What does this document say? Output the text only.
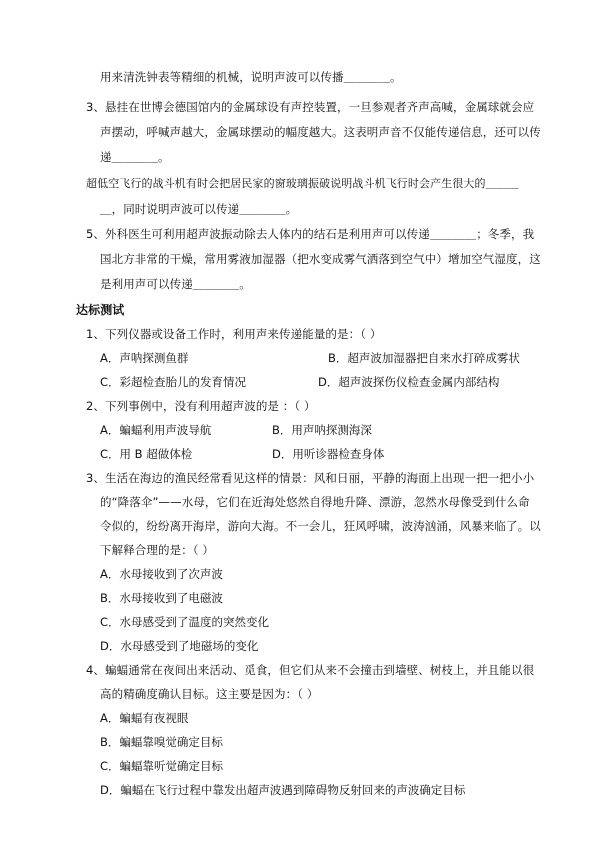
用来清洗钟表等精细的机械，说明声波可以传播＿＿＿＿。
3、悬挂在世博会德国馆内的金属球设有声控装置，一旦参观者齐声高喊，金属球就会应
声摆动，呼喊声越大，金属球摆动的幅度越大。这表明声音不仅能传递信息，还可以传
递＿＿＿＿。
超低空飞行的战斗机有时会把居民家的窗玻璃振破说明战斗机飞行时会产生很大的＿＿＿
＿，同时说明声波可以传递＿＿＿＿。
5、外科医生可利用超声波振动除去人体内的结石是利用声可以传递＿＿＿＿；冬季，我
国北方非常的干燥，常用雾液加湿器（把水变成雾气洒落到空气中）增加空气湿度，这
是利用声可以传递＿＿＿＿。
达标测试
1、下列仪器或设备工作时，利用声来传递能量的是：（ ）
A．声呐探测鱼群	B．超声波加湿器把自来水打碎成雾状
C．彩超检查胎儿的发育情况	D．超声波探伤仪检查金属内部结构
2、下列事例中，没有利用超声波的是 ：（ ）
A．蝙蝠利用声波导航	B．用声呐探测海深
C．用 B 超做体检	D．用听诊器检查身体
3、生活在海边的渔民经常看见这样的情景：风和日丽，平静的海面上出现一把一把小小
的“降落伞”——水母，它们在近海处悠然自得地升降、漂游，忽然水母像受到什么命
令似的，纷纷离开海岸，游向大海。不一会儿，狂风呼啸，波涛汹涌，风暴来临了。以
下解释合理的是：（ ）
A．水母接收到了次声波
B．水母接收到了电磁波
C．水母感受到了温度的突然变化
D．水母感受到了地磁场的变化
4、蝙蝠通常在夜间出来活动、觅食，但它们从来不会撞击到墙壁、树枝上，并且能以很
高的精确度确认目标。这主要是因为：（ ）
A．蝙蝠有夜视眼
B．蝙蝠靠嗅觉确定目标
C．蝙蝠靠听觉确定目标
D．蝙蝠在飞行过程中靠发出超声波遇到障碍物反射回来的声波确定目标
